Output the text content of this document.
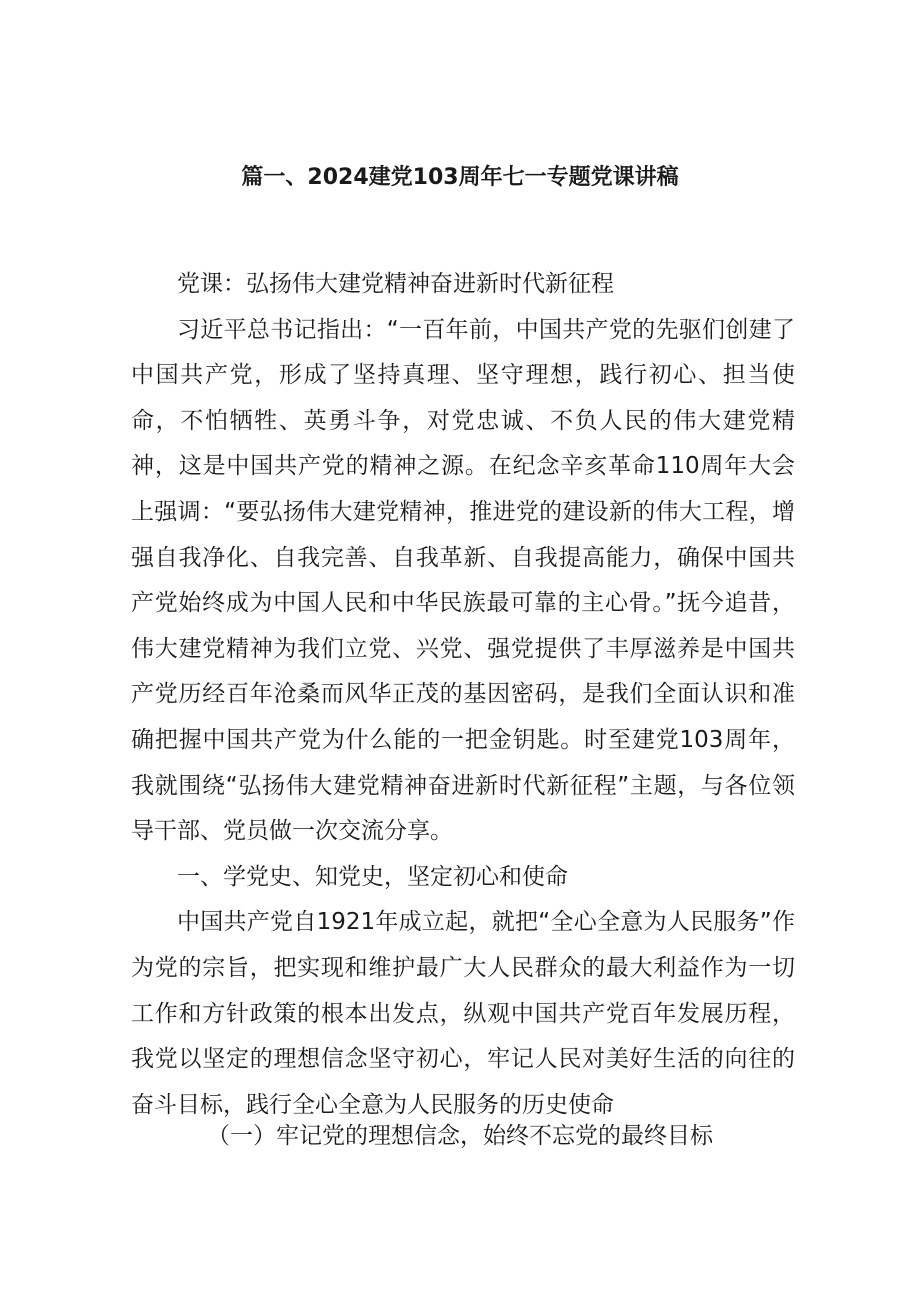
篇一、2024建党103周年七一专题党课讲稿

党课：弘扬伟大建党精神奋进新时代新征程

习近平总书记指出：“一百年前，中国共产党的先驱们创建了中国共产党，形成了坚持真理、坚守理想，践行初心、担当使命，不怕牺牲、英勇斗争，对党忠诚、不负人民的伟大建党精神，这是中国共产党的精神之源。在纪念辛亥革命110周年大会上强调：“要弘扬伟大建党精神，推进党的建设新的伟大工程，增强自我净化、自我完善、自我革新、自我提高能力，确保中国共产党始终成为中国人民和中华民族最可靠的主心骨。”抚今追昔，伟大建党精神为我们立党、兴党、强党提供了丰厚滋养是中国共产党历经百年沧桑而风华正茂的基因密码，是我们全面认识和准确把握中国共产党为什么能的一把金钥匙。时至建党103周年，我就围绕“弘扬伟大建党精神奋进新时代新征程”主题，与各位领导干部、党员做一次交流分享。

一、学党史、知党史，坚定初心和使命

中国共产党自1921年成立起，就把“全心全意为人民服务”作为党的宗旨，把实现和维护最广大人民群众的最大利益作为一切工作和方针政策的根本出发点，纵观中国共产党百年发展历程，我党以坚定的理想信念坚守初心，牢记人民对美好生活的向往的奋斗目标，践行全心全意为人民服务的历史使命

（一）牢记党的理想信念，始终不忘党的最终目标
